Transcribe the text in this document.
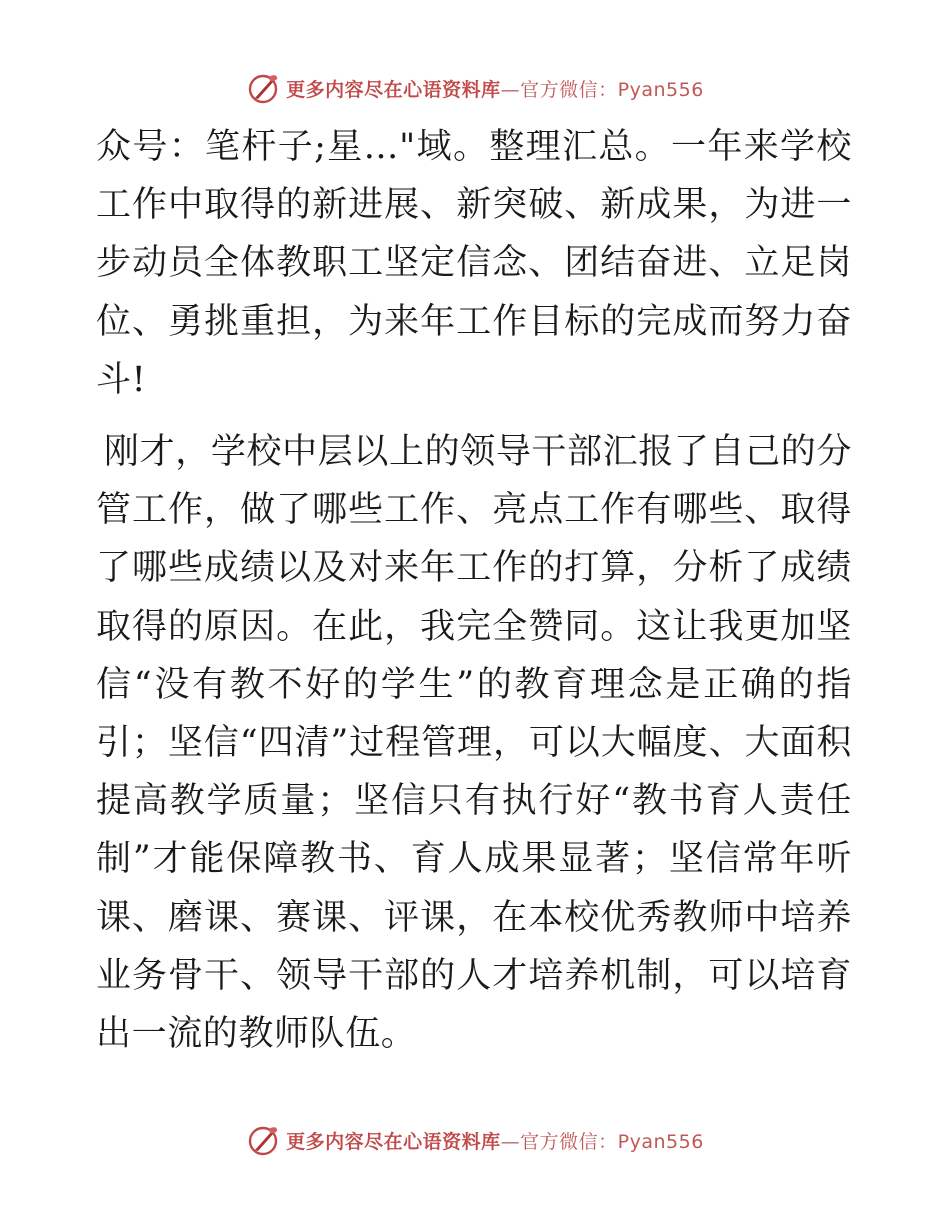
更多内容尽在心语资料库—官方微信：Pyan556

众号：笔杆子;星…"域。整理汇总。一年来学校工作中取得的新进展、新突破、新成果，为进一步动员全体教职工坚定信念、团结奋进、立足岗位、勇挑重担，为来年工作目标的完成而努力奋斗!

刚才，学校中层以上的领导干部汇报了自己的分管工作，做了哪些工作、亮点工作有哪些、取得了哪些成绩以及对来年工作的打算，分析了成绩取得的原因。在此，我完全赞同。这让我更加坚信“没有教不好的学生”的教育理念是正确的指引；坚信“四清”过程管理，可以大幅度、大面积提高教学质量；坚信只有执行好“教书育人责任制”才能保障教书、育人成果显著；坚信常年听课、磨课、赛课、评课，在本校优秀教师中培养业务骨干、领导干部的人才培养机制，可以培育出一流的教师队伍。

更多内容尽在心语资料库—官方微信：Pyan556
